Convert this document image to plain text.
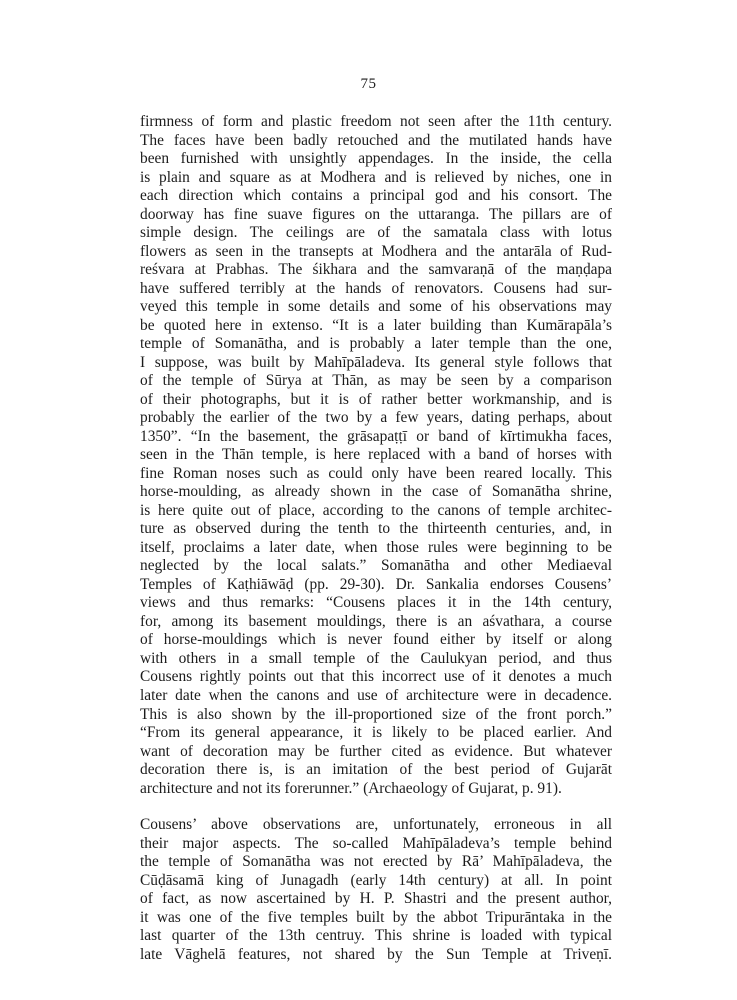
75

firmness of form and plastic freedom not seen after the 11th century.
The faces have been badly retouched and the mutilated hands have
been furnished with unsightly appendages. In the inside, the cella
is plain and square as at Modhera and is relieved by niches, one in
each direction which contains a principal god and his consort. The
doorway has fine suave figures on the uttaranga. The pillars are of
simple design. The ceilings are of the samatala class with lotus
flowers as seen in the transepts at Modhera and the antarāla of Rud-
reśvara at Prabhas. The śikhara and the samvaraṇā of the maṇḍapa
have suffered terribly at the hands of renovators. Cousens had sur-
veyed this temple in some details and some of his observations may
be quoted here in extenso. “It is a later building than Kumārapāla’s
temple of Somanātha, and is probably a later temple than the one,
I suppose, was built by Mahīpāladeva. Its general style follows that
of the temple of Sūrya at Thān, as may be seen by a comparison
of their photographs, but it is of rather better workmanship, and is
probably the earlier of the two by a few years, dating perhaps, about
1350”. “In the basement, the grāsapaṭṭī or band of kīrtimukha faces,
seen in the Thān temple, is here replaced with a band of horses with
fine Roman noses such as could only have been reared locally. This
horse-moulding, as already shown in the case of Somanātha shrine,
is here quite out of place, according to the canons of temple architec-
ture as observed during the tenth to the thirteenth centuries, and, in
itself, proclaims a later date, when those rules were beginning to be
neglected by the local salats.” Somanātha and other Mediaeval
Temples of Kaṭhiāwāḍ (pp. 29-30). Dr. Sankalia endorses Cousens’
views and thus remarks: “Cousens places it in the 14th century,
for, among its basement mouldings, there is an aśvathara, a course
of horse-mouldings which is never found either by itself or along
with others in a small temple of the Caulukyan period, and thus
Cousens rightly points out that this incorrect use of it denotes a much
later date when the canons and use of architecture were in decadence.
This is also shown by the ill-proportioned size of the front porch.”
“From its general appearance, it is likely to be placed earlier. And
want of decoration may be further cited as evidence. But whatever
decoration there is, is an imitation of the best period of Gujarāt
architecture and not its forerunner.” (Archaeology of Gujarat, p. 91).

Cousens’ above observations are, unfortunately, erroneous in all
their major aspects. The so-called Mahīpāladeva’s temple behind
the temple of Somanātha was not erected by Rā’ Mahīpāladeva, the
Cūḍāsamā king of Junagadh (early 14th century) at all. In point
of fact, as now ascertained by H. P. Shastri and the present author,
it was one of the five temples built by the abbot Tripurāntaka in the
last quarter of the 13th centruy. This shrine is loaded with typical
late Vāghelā features, not shared by the Sun Temple at Triveṇī.
